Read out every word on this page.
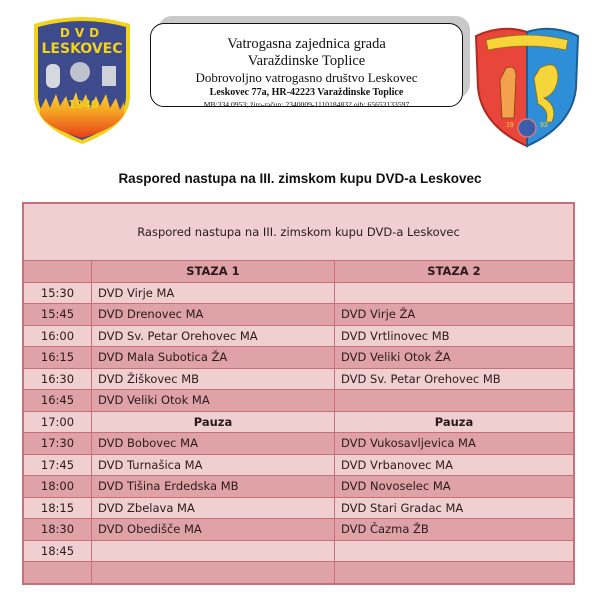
DVD
LESKOVEC
1940
Vatrogasna zajednica grada
Varaždinske Toplice
Dobrovoljno vatrogasno društvo Leskovec
Leskovec 77a, HR-42223 Varaždinske Toplice
MB:334 0953; žiro-račun: 2340009-1110184832 oib: 65653133597
19	93
Raspored nastupa na III. zimskom kupu DVD-a Leskovec
Raspored nastupa na III. zimskom kupu DVD-a Leskovec		
	STAZA 1	STAZA 2
15:30	DVD Virje MA	
15:45	DVD Drenovec MA	DVD Virje ŽA
16:00	DVD Sv. Petar Orehovec MA	DVD Vrtlinovec MB
16:15	DVD Mala Subotica ŽA	DVD Veliki Otok ŽA
16:30	DVD Žiškovec MB	DVD Sv. Petar Orehovec MB
16:45	DVD Veliki Otok MA	
17:00	Pauza	Pauza
17:30	DVD Bobovec MA	DVD Vukosavljevica MA
17:45	DVD Turnašica MA	DVD Vrbanovec MA
18:00	DVD Tišina Erdedska MB	DVD Novoselec MA
18:15	DVD Zbelava MA	DVD Stari Gradac MA
18:30	DVD Obedišče MA	DVD Čazma ŽB
18:45		
